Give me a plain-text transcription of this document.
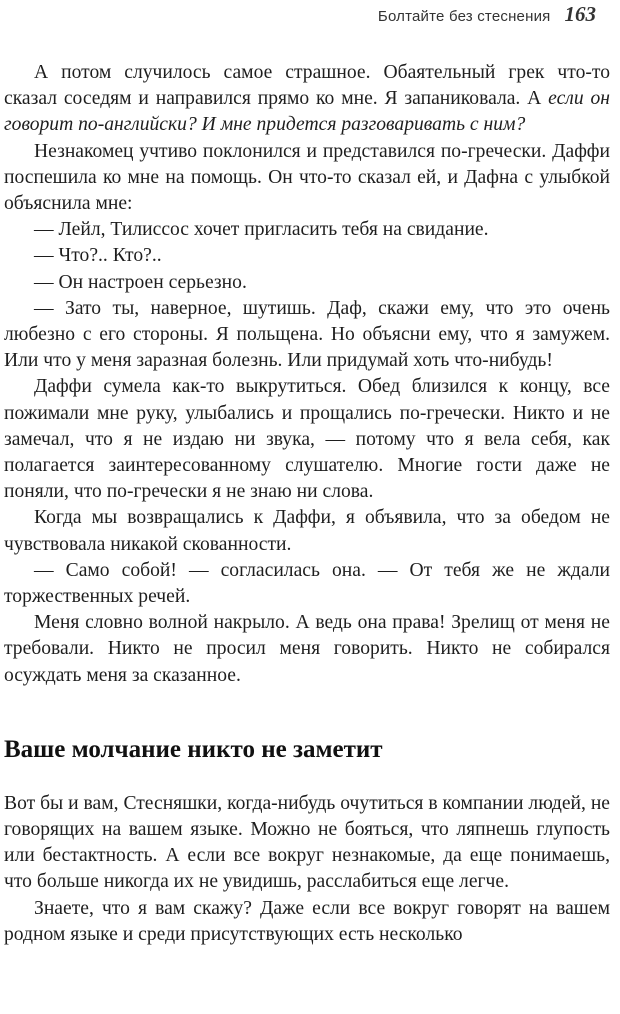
Болтайте без стеснения 163

А потом случилось самое страшное. Обаятельный грек что-то сказал соседям и направился прямо ко мне. Я запаниковала. А если он говорит по-английски? И мне придется разговаривать с ним?

Незнакомец учтиво поклонился и представился по-гречески. Даффи поспешила ко мне на помощь. Он что-то сказал ей, и Дафна с улыбкой объяснила мне:

— Лейл, Тилиссос хочет пригласить тебя на свидание.

— Что?.. Кто?..

— Он настроен серьезно.

— Зато ты, наверное, шутишь. Даф, скажи ему, что это очень любезно с его стороны. Я польщена. Но объясни ему, что я замужем. Или что у меня заразная болезнь. Или придумай хоть что-нибудь!

Даффи сумела как-то выкрутиться. Обед близился к концу, все пожимали мне руку, улыбались и прощались по-гречески. Никто и не замечал, что я не издаю ни звука, — потому что я вела себя, как полагается заинтересованному слушателю. Многие гости даже не поняли, что по-гречески я не знаю ни слова.

Когда мы возвращались к Даффи, я объявила, что за обедом не чувствовала никакой скованности.

— Само собой! — согласилась она. — От тебя же не ждали торжественных речей.

Меня словно волной накрыло. А ведь она права! Зрелищ от меня не требовали. Никто не просил меня говорить. Никто не собирался осуждать меня за сказанное.

Ваше молчание никто не заметит

Вот бы и вам, Стесняшки, когда-нибудь очутиться в компании людей, не говорящих на вашем языке. Можно не бояться, что ляпнешь глупость или бестактность. А если все вокруг незнакомые, да еще понимаешь, что больше никогда их не увидишь, расслабиться еще легче.

Знаете, что я вам скажу? Даже если все вокруг говорят на вашем родном языке и среди присутствующих есть несколько
